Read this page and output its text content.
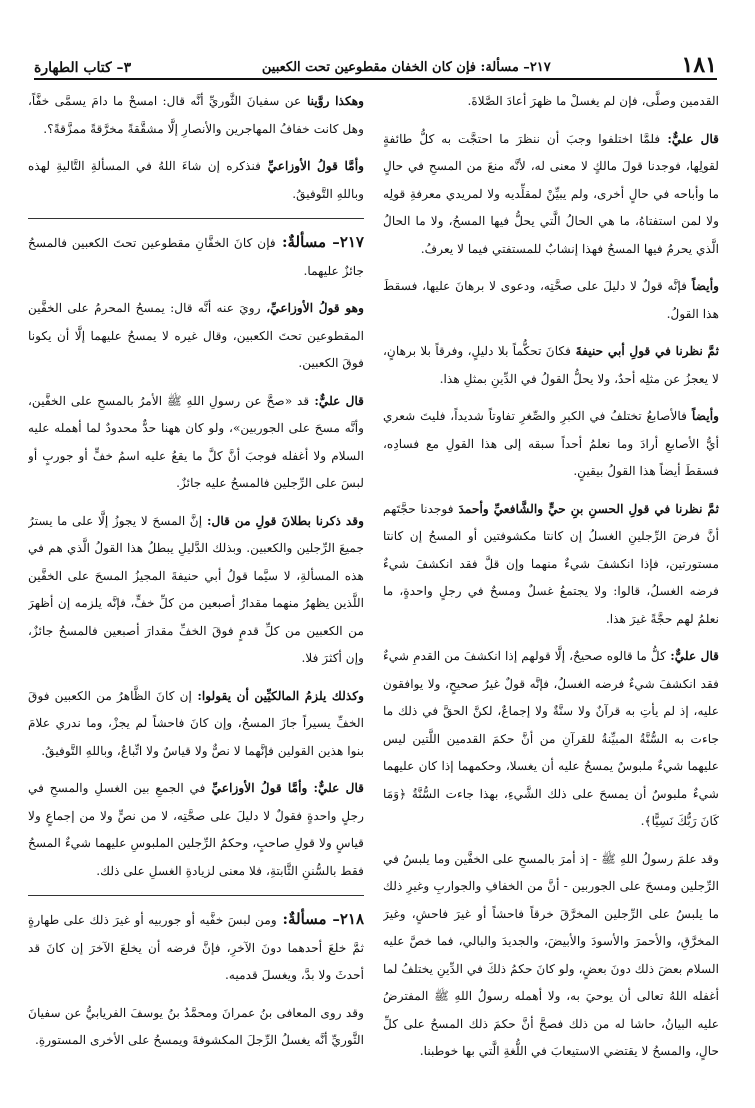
١٨١
٢١٧– مسألة: فإن كان الخفان مقطوعين تحت الكعبين
٣– كتاب الطهارة

القدمين وصلَّى، فإن لم يغسلْ ما ظهرَ أعادَ الصَّلاةَ.

قال عليٌّ: فلمَّا اختلفوا وجبَ أن ننظرَ ما احتجَّت به كلُّ طائفةٍ لقولِها، فوجدنا قولَ مالكٍ لا معنى له، لأنَّه منعَ من المسحِ في حالٍ ما وأباحه في حالٍ أخرى، ولم يبيِّنْ لمقلِّديه ولا لمريدي معرفةِ قولِه ولا لمن استفتاهُ، ما هي الحالُ الَّتي يحلُّ فيها المسحُ، ولا ما الحالُ الَّذي يحرمُ فيها المسحُ فهذا إنشابٌ للمستفتي فيما لا يعرفُ.

وأيضاً فإنَّه قولٌ لا دليلَ على صحَّتِه، ودعوى لا برهانَ عليها، فسقطَ هذا القولُ.

ثمَّ نظرنا في قولِ أبي حنيفةَ فكانَ تحكُّماً بلا دليلٍ، وفرقاً بلا برهانٍ، لا يعجزُ عن مثلِه أحدٌ، ولا يحلُّ القولُ في الدِّينِ بمثلِ هذا.

وأيضاً فالأصابعُ تختلفُ في الكبرِ والصِّغرِ تفاوتاً شديداً، فليتَ شعري أيُّ الأصابعِ أرادَ وما نعلمُ أحداً سبقه إلى هذا القولِ مع فسادِه، فسقطَ أيضاً هذا القولُ بيقينٍ.

ثمَّ نظرنا في قولِ الحسنِ بنِ حيٍّ والشَّافعيِّ وأحمدَ فوجدنا حجَّتَهم أنَّ فرضَ الرِّجلينِ الغسلُ إن كانتا مكشوفتين أو المسحُ إن كانتا مستورتين، فإذا انكشفَ شيءٌ منهما وإن قلَّ فقد انكشفَ شيءٌ فرضه الغسلُ، قالوا: ولا يجتمعُ غسلٌ ومسحٌ في رجلٍ واحدةٍ، ما نعلمُ لهم حجَّةً غيرَ هذا.

قال عليٌّ: كلُّ ما قالوه صحيحٌ، إلَّا قولهم إذا انكشفَ من القدمِ شيءٌ فقد انكشفَ شيءٌ فرضه الغسلُ، فإنَّه قولٌ غيرُ صحيحٍ، ولا يوافقون عليه، إذ لم يأتِ به قرآنٌ ولا سنَّةٌ ولا إجماعٌ، لكنَّ الحقَّ في ذلك ما جاءت به السُّنَّةُ المبيِّنةُ للقرآنِ من أنَّ حكمَ القدمين اللَّتين ليس عليهما شيءٌ ملبوسٌ يمسحُ عليه أن يغسلا، وحكمهما إذا كان عليهما شيءٌ ملبوسٌ أن يمسحَ على ذلك الشَّيءِ، بهذا جاءت السُّنَّةُ ﴿وَمَا كَانَ رَبُّكَ نَسِيًّا﴾.

وقد علمَ رسولُ اللهِ ﷺ - إذ أمرَ بالمسحِ على الخفَّين وما يلبسُ في الرِّجلين ومسحَ على الجوربين - أنَّ من الخفافِ والجواربِ وغيرِ ذلك ما يلبسُ على الرِّجلين المخرَّقَ خرقاً فاحشاً أو غيرَ فاحشٍ، وغيرَ المخرَّقِ، والأحمرَ والأسودَ والأبيضَ، والجديدَ والبالي، فما خصَّ عليه السلام بعضَ ذلك دونَ بعضٍ، ولو كانَ حكمُ ذلكَ في الدِّينِ يختلفُ لما أغفله اللهُ تعالى أن يوحيَ به، ولا أهمله رسولُ اللهِ ﷺ المفترضُ عليه البيانُ، حاشا له من ذلك فصحَّ أنَّ حكمَ ذلك المسحُ على كلِّ حالٍ، والمسحُ لا يقتضي الاستيعابَ في اللُّغةِ الَّتي بها خوطبنا.

وهكذا روَّينا عن سفيانَ الثَّوريِّ أنَّه قال: امسحْ ما دامَ يسمَّى خفَّاً، وهل كانت خفافُ المهاجرين والأنصارِ إلَّا مشقَّقةً مخرَّقةً ممزَّقةً؟.

وأمَّا قولُ الأوزاعيِّ فنذكره إن شاءَ اللهُ في المسألةِ التَّاليةِ لهذه وباللهِ التَّوفيقُ.

٢١٧– مسألةٌ: فإن كانَ الخفَّانِ مقطوعين تحتَ الكعبين فالمسحُ جائزٌ عليهما.

وهو قولُ الأوزاعيِّ، رويَ عنه أنَّه قال: يمسحُ المحرمُ على الخفَّين المقطوعين تحتَ الكعبين، وقال غيره لا يمسحُ عليهما إلَّا أن يكونا فوقَ الكعبين.

قال عليٌّ: قد «صحَّ عن رسولِ اللهِ ﷺ الأمرُ بالمسحِ على الخفَّين، وأنَّه مسحَ على الجوربين»، ولو كان ههنا حدٌّ محدودٌ لما أهمله عليه السلام ولا أغفله فوجبَ أنَّ كلَّ ما يقعُ عليه اسمُ خفٍّ أو جوربٍ أو لبسَ على الرِّجلين فالمسحُ عليه جائزٌ.

وقد ذكرنا بطلانَ قولِ من قال: إنَّ المسحَ لا يجوزُ إلَّا على ما يسترُ جميعَ الرِّجلين والكعبين. وبذلك الدَّليلِ يبطلُ هذا القولُ الَّذي هم في هذه المسألةِ، لا سيَّما قولُ أبي حنيفةَ المجيزُ المسحَ على الخفَّين اللَّذين يظهرُ منهما مقدارُ أصبعين من كلِّ خفٍّ، فإنَّه يلزمه إن أظهرَ من الكعبين من كلِّ قدمٍ فوقَ الخفِّ مقدارَ أصبعين فالمسحُ جائزٌ، وإن أكثرَ فلا.

وكذلك يلزمُ المالكيِّين أن يقولوا: إن كانَ الظَّاهرُ من الكعبين فوقَ الخفِّ يسيراً جازَ المسحُ، وإن كانَ فاحشاً لم يجزْ، وما ندري علامَ بنوا هذين القولين فإنَّهما لا نصٌّ ولا قياسٌ ولا اتِّباعٌ، وباللهِ التَّوفيقُ.

قال عليٌّ: وأمَّا قولُ الأوزاعيِّ في الجمعِ بين الغسلِ والمسحِ في رجلٍ واحدةٍ فقولٌ لا دليلَ على صحَّتِه، لا من نصٍّ ولا من إجماعٍ ولا قياسٍ ولا قولِ صاحبٍ، وحكمُ الرِّجلين الملبوسِ عليهما شيءٌ المسحُ فقط بالسُّننِ الثَّابتةِ، فلا معنى لزيادةِ الغسلِ على ذلك.

٢١٨– مسألةٌ: ومن لبسَ خفَّيه أو جوربيه أو غيرَ ذلك على طهارةٍ ثمَّ خلعَ أحدهما دونَ الآخرِ، فإنَّ فرضه أن يخلعَ الآخرَ إن كانَ قد أحدثَ ولا بدَّ، ويغسلَ قدميه.

وقد روى المعافى بنُ عمرانَ ومحمَّدُ بنُ يوسفَ الفريابيُّ عن سفيانَ الثَّوريِّ أنَّه يغسلُ الرِّجلَ المكشوفةَ ويمسحُ على الأخرى المستورةِ.
